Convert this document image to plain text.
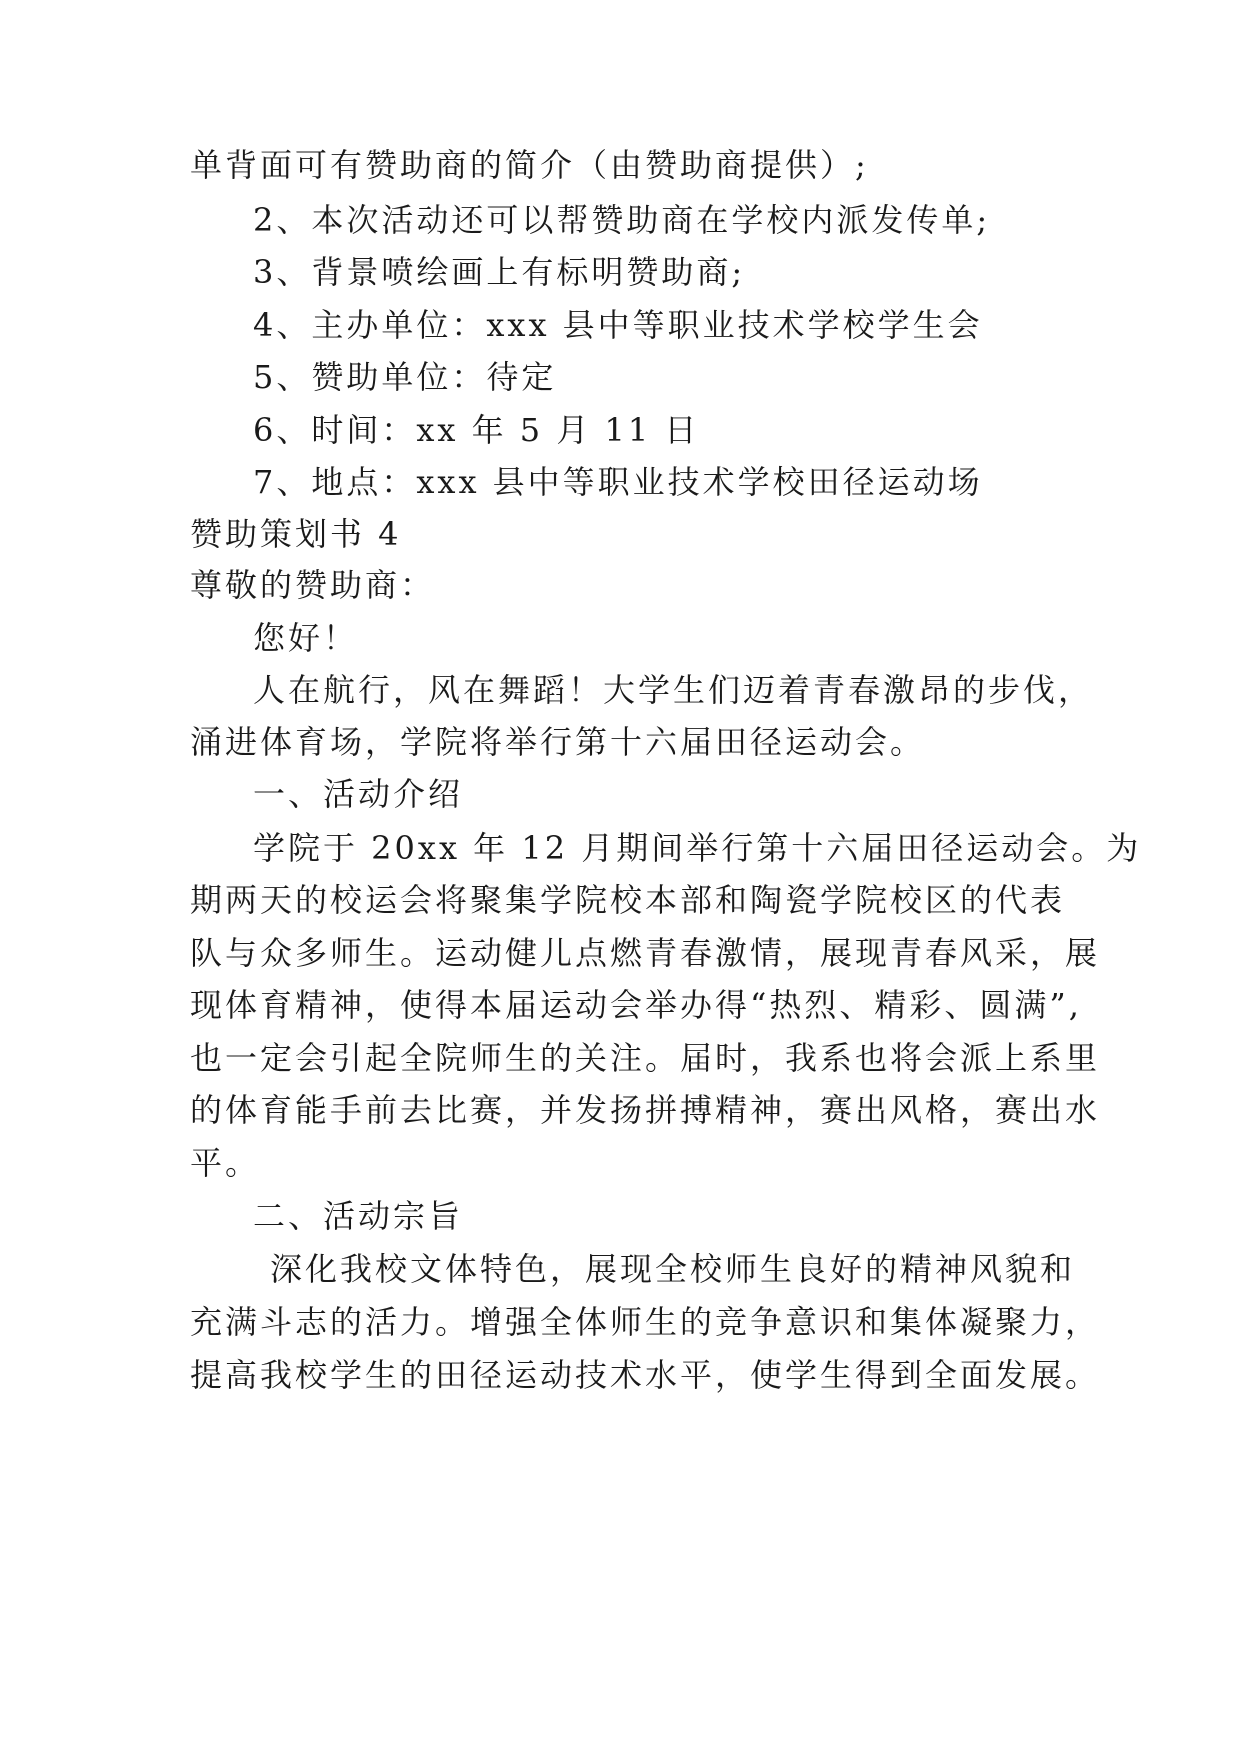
单背面可有赞助商的简介（由赞助商提供）;

2、本次活动还可以帮赞助商在学校内派发传单;

3、背景喷绘画上有标明赞助商;

4、主办单位：xxx 县中等职业技术学校学生会

5、赞助单位：待定

6、时间：xx 年 5 月 11 日

7、地点：xxx 县中等职业技术学校田径运动场

赞助策划书 4

尊敬的赞助商：

您好！

人在航行，风在舞蹈！大学生们迈着青春激昂的步伐，

涌进体育场，学院将举行第十六届田径运动会。

一、活动介绍

学院于 20xx 年 12 月期间举行第十六届田径运动会。为

期两天的校运会将聚集学院校本部和陶瓷学院校区的代表

队与众多师生。运动健儿点燃青春激情，展现青春风采，展

现体育精神，使得本届运动会举办得“热烈、精彩、圆满”,

也一定会引起全院师生的关注。届时，我系也将会派上系里

的体育能手前去比赛，并发扬拼搏精神，赛出风格，赛出水

平。

二、活动宗旨

深化我校文体特色，展现全校师生良好的精神风貌和

充满斗志的活力。增强全体师生的竞争意识和集体凝聚力，

提高我校学生的田径运动技术水平，使学生得到全面发展。
